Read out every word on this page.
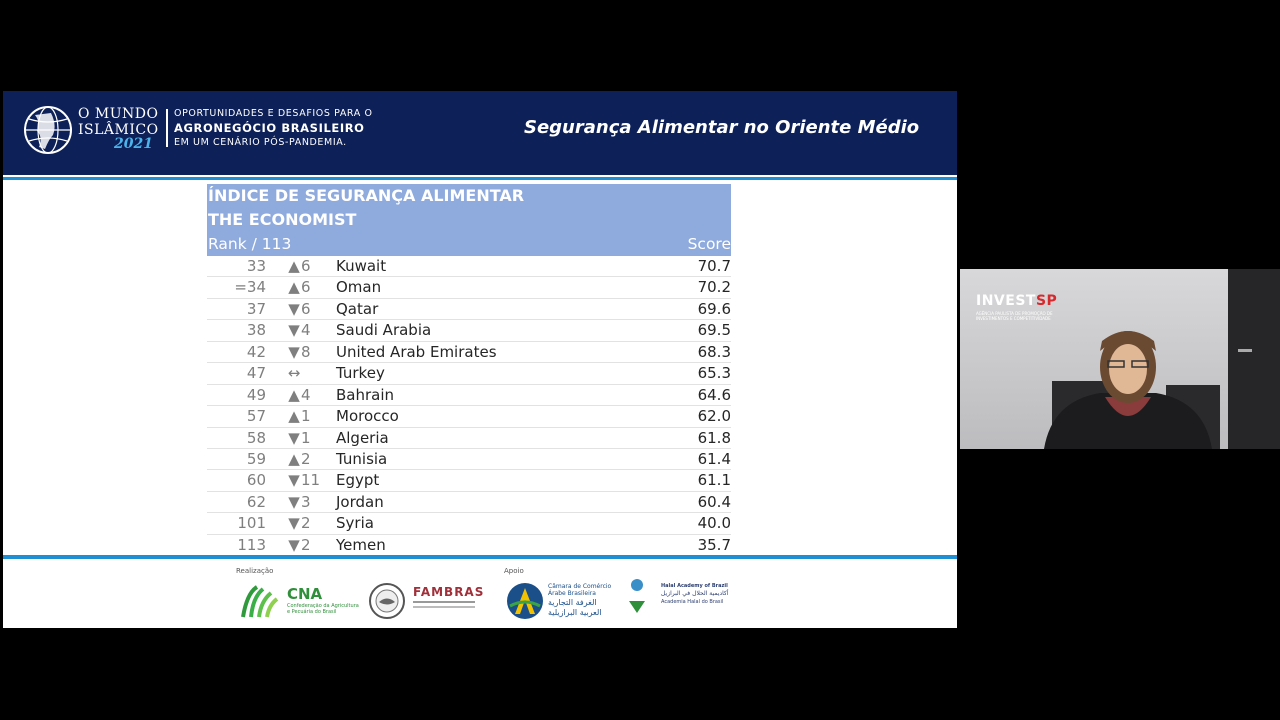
O MUNDO
ISLÂMICO
2021
OPORTUNIDADES E DESAFIOS PARA O
AGRONEGÓCIO BRASILEIRO
EM UM CENÁRIO PÓS-PANDEMIA.
Segurança Alimentar no Oriente Médio
ÍNDICE DE SEGURANÇA ALIMENTAR
THE ECONOMIST
Rank / 113	Score
33 ▲6 Kuwait	70.7
=34 ▲6 Oman	70.2
37 ▼6 Qatar	69.6
38 ▼4 Saudi Arabia	69.5
42 ▼8 United Arab Emirates	68.3
47 ↔ Turkey	65.3
49 ▲4 Bahrain	64.6
57 ▲1 Morocco	62.0
58 ▼1 Algeria	61.8
59 ▲2 Tunisia	61.4
60 ▼11 Egypt	61.1
62 ▼3 Jordan	60.4
101 ▼2 Syria	40.0
113 ▼2 Yemen	35.7
Realização	Apoio
CNA
Confederação da Agricultura
e Pecuária do Brasil
FAMBRAS	Câmara de Comércio
Árabe Brasileira
الغرفة التجارية
العربية البرازيلية
Halal Academy of Brazil
أكاديمية الحلال في البرازيل
Academia Halal do Brasil
INVESTSP
AGÊNCIA PAULISTA DE PROMOÇÃO DE INVESTIMENTOS E COMPETITIVIDADE
